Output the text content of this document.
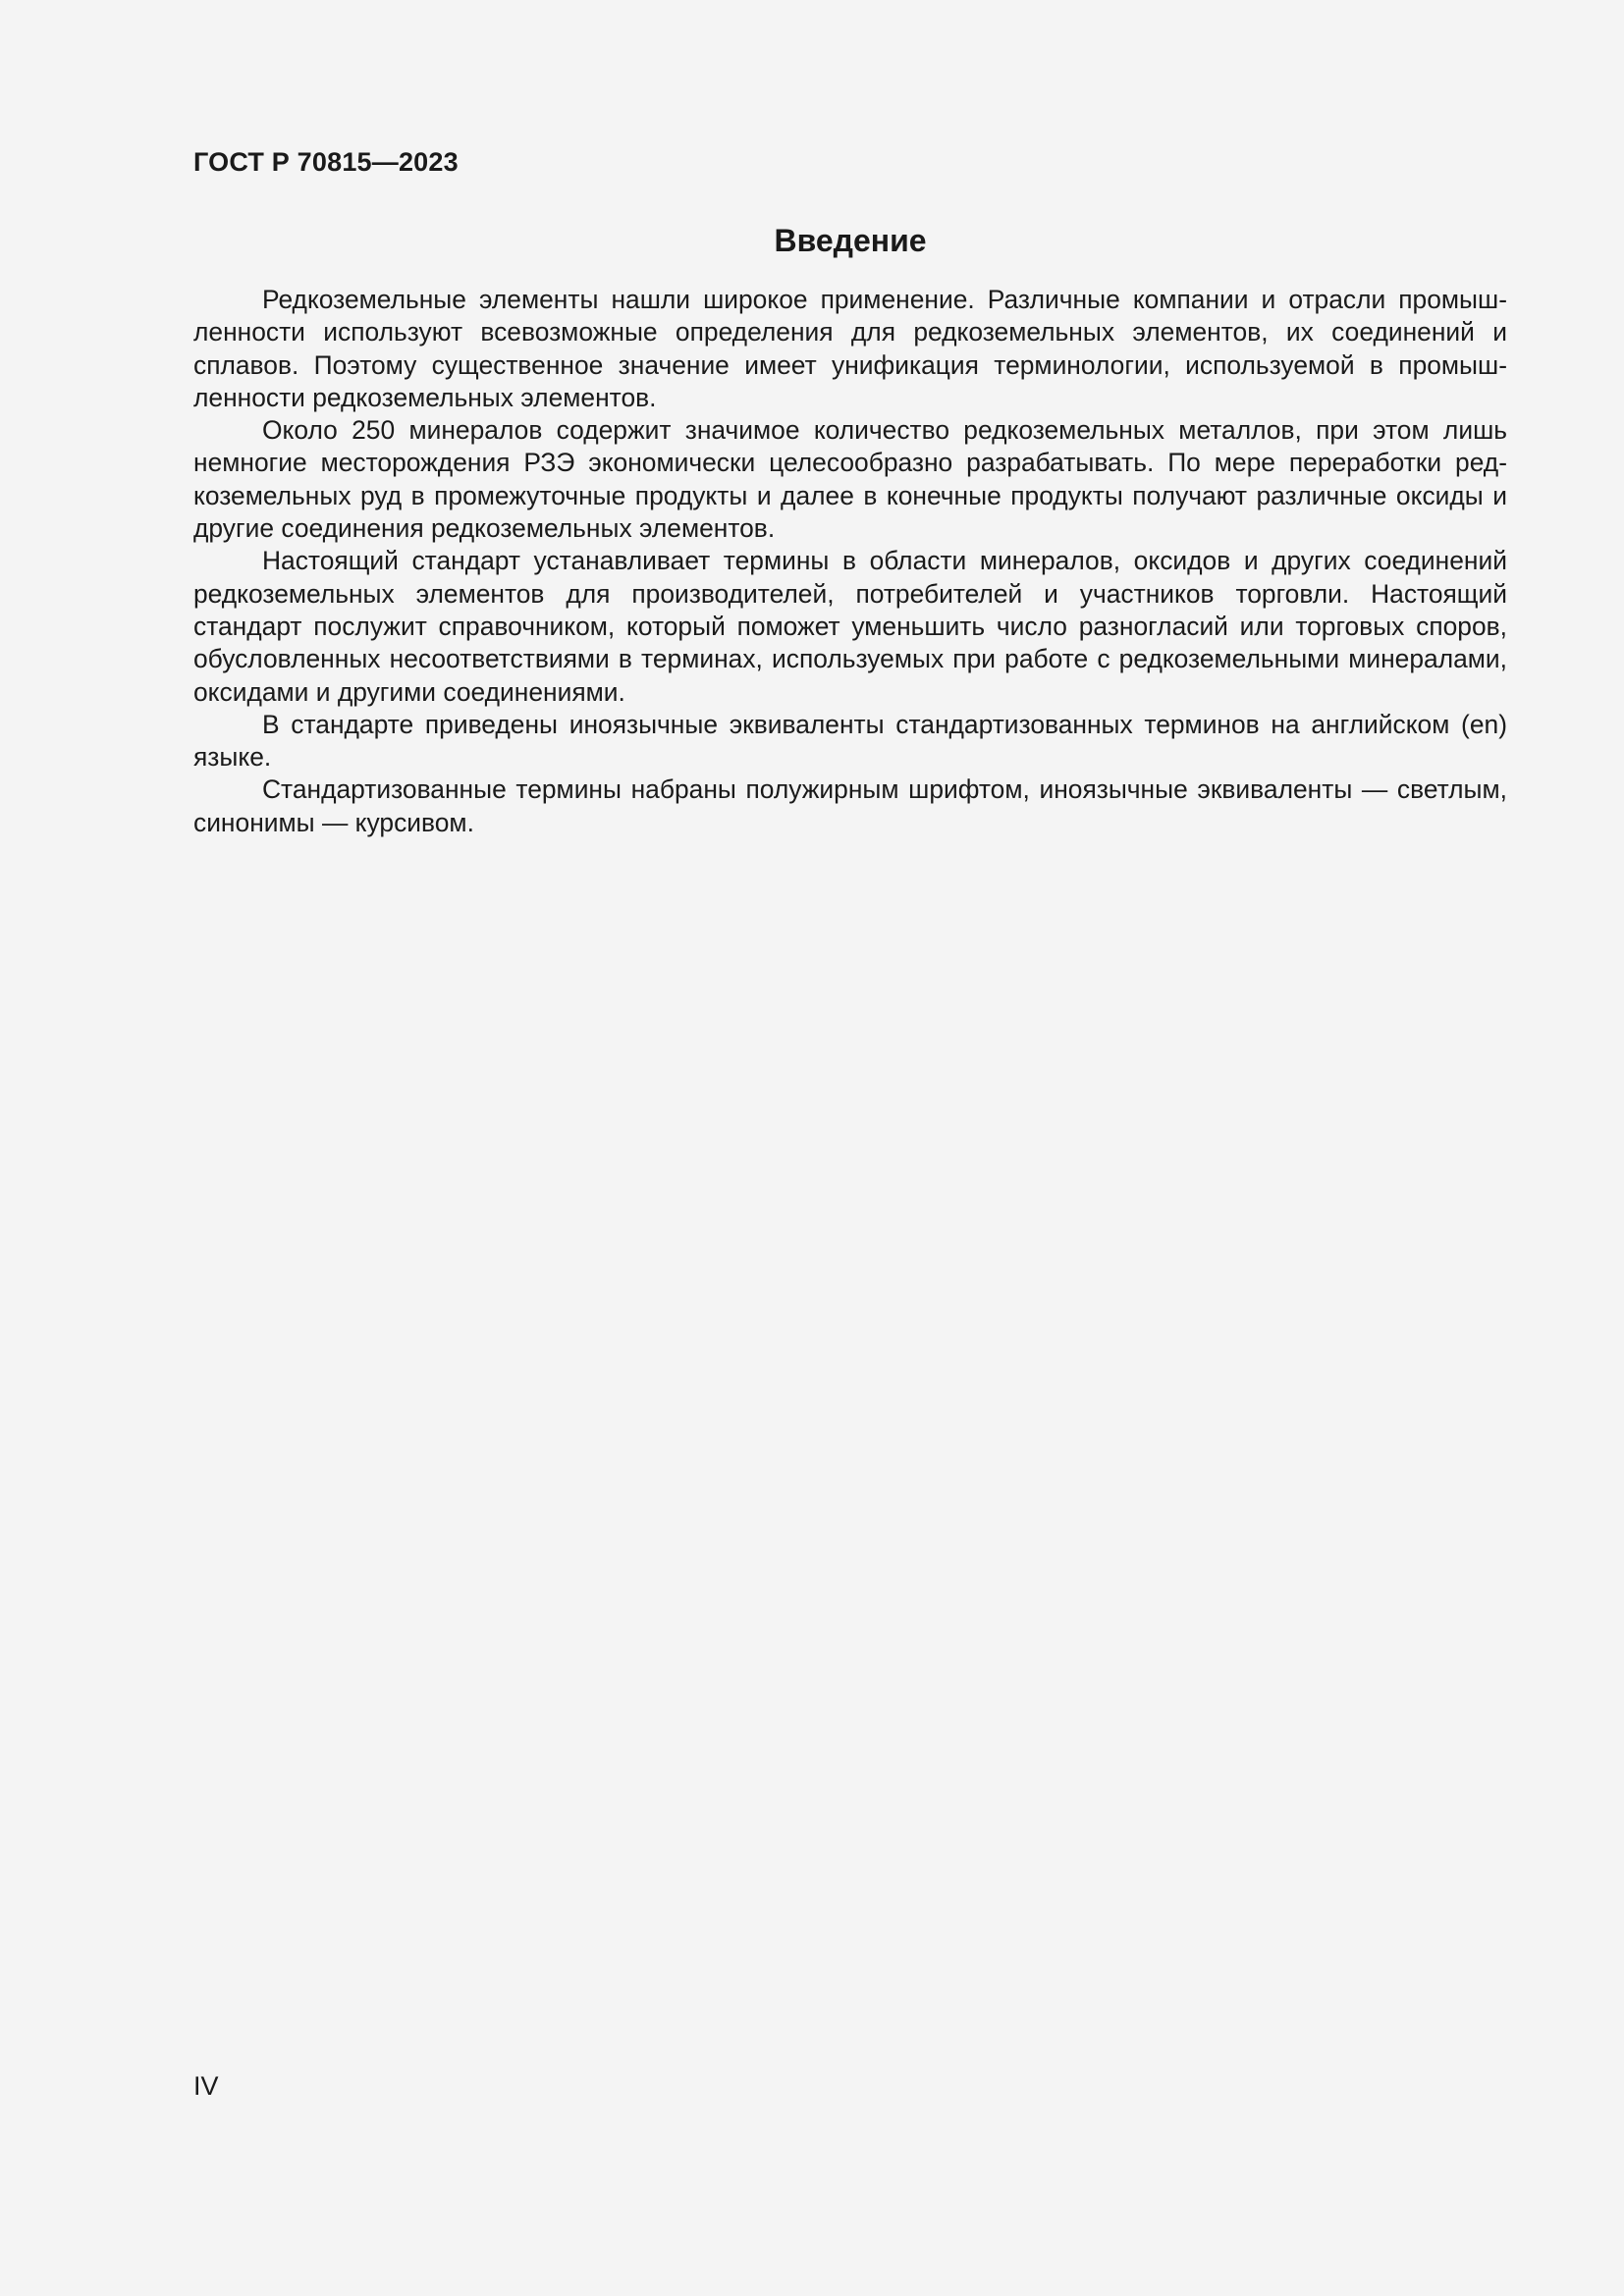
ГОСТ Р 70815—2023
Введение

Редкоземельные элементы нашли широкое применение. Различные компании и отрасли промышленности используют всевозможные определения для редкоземельных элементов, их соединений и сплавов. Поэтому существенное значение имеет унификация терминологии, используемой в промышленности редкоземельных элементов.

Около 250 минералов содержит значимое количество редкоземельных металлов, при этом лишь немногие месторождения РЗЭ экономически целесообразно разрабатывать. По мере переработки редкоземельных руд в промежуточные продукты и далее в конечные продукты получают различные оксиды и другие соединения редкоземельных элементов.

Настоящий стандарт устанавливает термины в области минералов, оксидов и других соединений редкоземельных элементов для производителей, потребителей и участников торговли. Настоящий стандарт послужит справочником, который поможет уменьшить число разногласий или торговых споров, обусловленных несоответствиями в терминах, используемых при работе с редкоземельными минералами, оксидами и другими соединениями.

В стандарте приведены иноязычные эквиваленты стандартизованных терминов на английском (en) языке.

Стандартизованные термины набраны полужирным шрифтом, иноязычные эквиваленты — светлым, синонимы — курсивом.

IV
